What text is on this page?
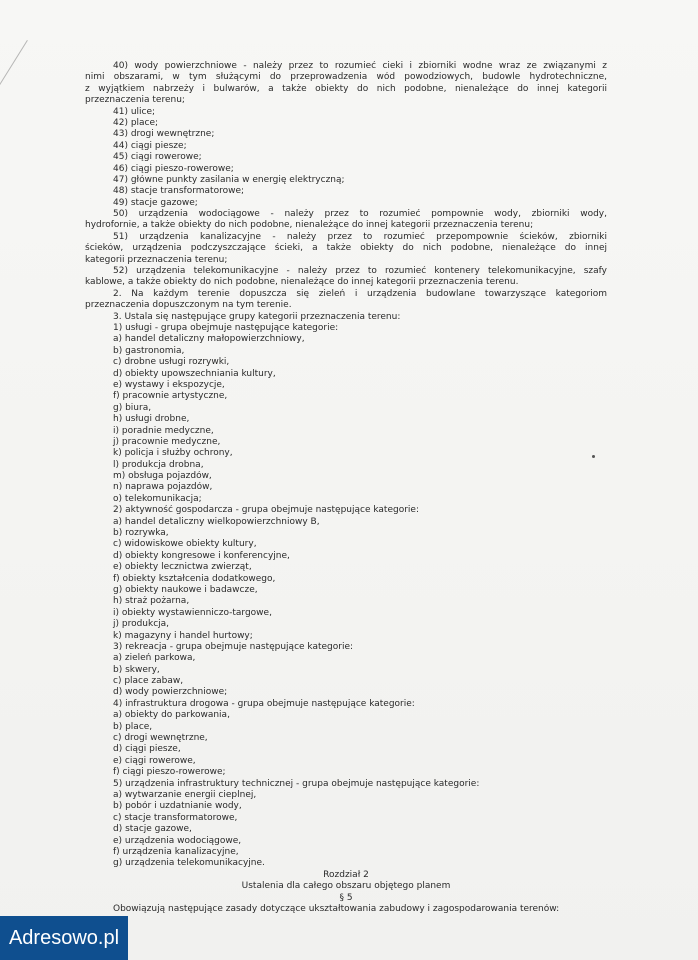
40) wody powierzchniowe - należy przez to rozumieć cieki i zbiorniki wodne wraz ze związanymi z
nimi obszarami, w tym służącymi do przeprowadzenia wód powodziowych, budowle hydrotechniczne,
z wyjątkiem nabrzeży i bulwarów, a także obiekty do nich podobne, nienależące do innej kategorii
przeznaczenia terenu;
41) ulice;
42) place;
43) drogi wewnętrzne;
44) ciągi piesze;
45) ciągi rowerowe;
46) ciągi pieszo-rowerowe;
47) główne punkty zasilania w energię elektryczną;
48) stacje transformatorowe;
49) stacje gazowe;
50) urządzenia wodociągowe - należy przez to rozumieć pompownie wody, zbiorniki wody,
hydrofornie, a także obiekty do nich podobne, nienależące do innej kategorii przeznaczenia terenu;
51) urządzenia kanalizacyjne - należy przez to rozumieć przepompownie ścieków, zbiorniki
ścieków, urządzenia podczyszczające ścieki, a także obiekty do nich podobne, nienależące do innej
kategorii przeznaczenia terenu;
52) urządzenia telekomunikacyjne - należy przez to rozumieć kontenery telekomunikacyjne, szafy
kablowe, a także obiekty do nich podobne, nienależące do innej kategorii przeznaczenia terenu.
2. Na każdym terenie dopuszcza się zieleń i urządzenia budowlane towarzyszące kategoriom
przeznaczenia dopuszczonym na tym terenie.
3. Ustala się następujące grupy kategorii przeznaczenia terenu:
1) usługi - grupa obejmuje następujące kategorie:
a) handel detaliczny małopowierzchniowy,
b) gastronomia,
c) drobne usługi rozrywki,
d) obiekty upowszechniania kultury,
e) wystawy i ekspozycje,
f) pracownie artystyczne,
g) biura,
h) usługi drobne,
i) poradnie medyczne,
j) pracownie medyczne,
k) policja i służby ochrony,
l) produkcja drobna,
m) obsługa pojazdów,
n) naprawa pojazdów,
o) telekomunikacja;
2) aktywność gospodarcza - grupa obejmuje następujące kategorie:
a) handel detaliczny wielkopowierzchniowy B,
b) rozrywka,
c) widowiskowe obiekty kultury,
d) obiekty kongresowe i konferencyjne,
e) obiekty lecznictwa zwierząt,
f) obiekty kształcenia dodatkowego,
g) obiekty naukowe i badawcze,
h) straż pożarna,
i) obiekty wystawienniczo-targowe,
j) produkcja,
k) magazyny i handel hurtowy;
3) rekreacja - grupa obejmuje następujące kategorie:
a) zieleń parkowa,
b) skwery,
c) place zabaw,
d) wody powierzchniowe;
4) infrastruktura drogowa - grupa obejmuje następujące kategorie:
a) obiekty do parkowania,
b) place,
c) drogi wewnętrzne,
d) ciągi piesze,
e) ciągi rowerowe,
f) ciągi pieszo-rowerowe;
5) urządzenia infrastruktury technicznej - grupa obejmuje następujące kategorie:
a) wytwarzanie energii cieplnej,
b) pobór i uzdatnianie wody,
c) stacje transformatorowe,
d) stacje gazowe,
e) urządzenia wodociągowe,
f) urządzenia kanalizacyjne,
g) urządzenia telekomunikacyjne.
Rozdział 2
Ustalenia dla całego obszaru objętego planem
§ 5
Obowiązują następujące zasady dotyczące ukształtowania zabudowy i zagospodarowania terenów:
Adresowo.pl
